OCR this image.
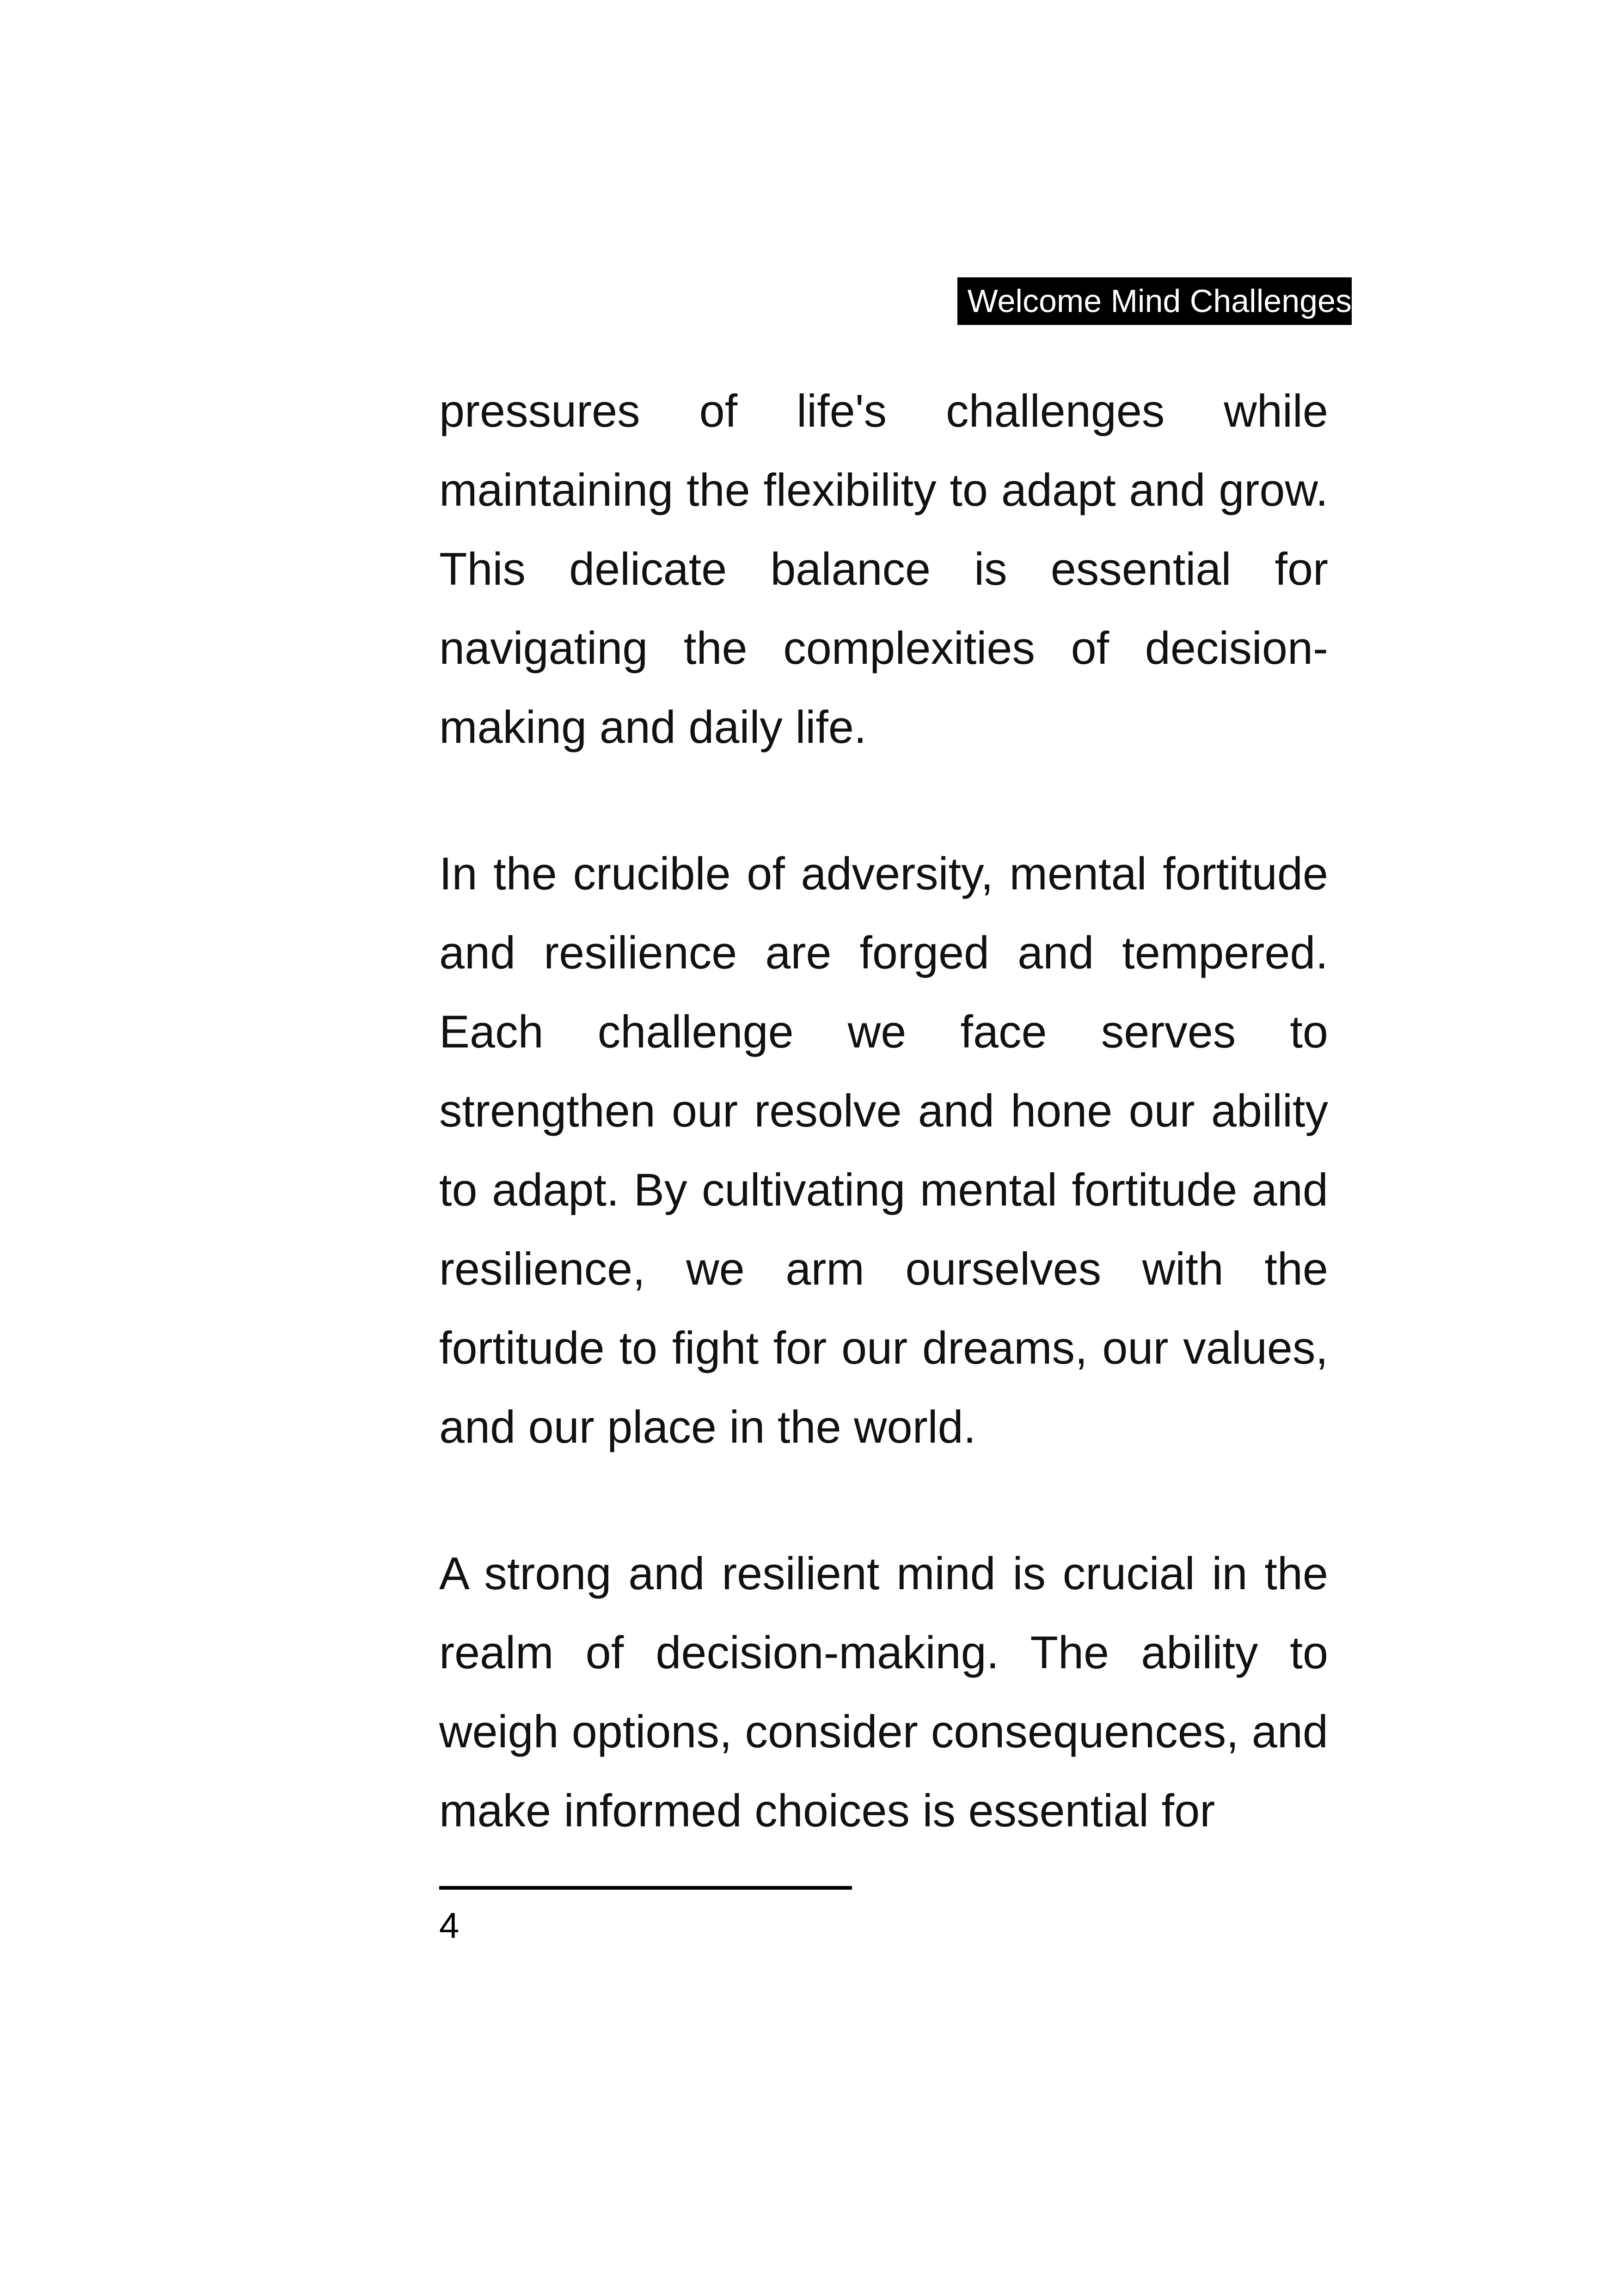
Welcome Mind Challenges

pressures of life's challenges while maintaining the flexibility to adapt and grow. This delicate balance is essential for navigating the complexities of decision-making and daily life.

In the crucible of adversity, mental fortitude and resilience are forged and tempered. Each challenge we face serves to strengthen our resolve and hone our ability to adapt. By cultivating mental fortitude and resilience, we arm ourselves with the fortitude to fight for our dreams, our values, and our place in the world.

A strong and resilient mind is crucial in the realm of decision-making. The ability to weigh options, consider consequences, and make informed choices is essential for

4
